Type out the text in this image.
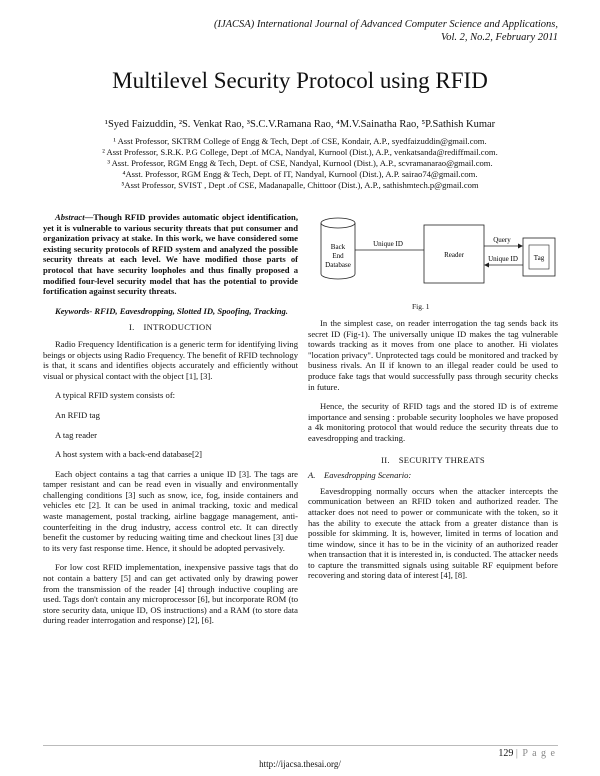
(IJACSA) International Journal of Advanced Computer Science and Applications,
Vol. 2, No.2, February 2011
Multilevel Security Protocol using RFID
¹Syed Faizuddin, ²S. Venkat Rao, ³S.C.V.Ramana Rao, ⁴M.V.Sainatha Rao, ⁵P.Sathish Kumar
¹ Asst Professor, SKTRM College of Engg & Tech, Dept .of CSE, Kondair, A.P., syedfaizuddin@gmail.com.
² Asst Professor, S.R.K. P.G College, Dept .of MCA, Nandyal, Kurnool (Dist.), A.P., venkatsanda@rediffmail.com.
³ Asst. Professor, RGM Engg & Tech, Dept. of CSE, Nandyal, Kurnool (Dist.), A.P., scvramanarao@gmail.com.
⁴Asst. Professor, RGM Engg & Tech, Dept. of IT, Nandyal, Kurnool (Dist.), A.P. sairao74@gmail.com.
⁵Asst Professor, SVIST , Dept .of CSE, Madanapalle, Chittoor (Dist.), A.P., sathishmtech.p@gmail.com

Abstract—Though RFID provides automatic object identification, yet it is vulnerable to various security threats that put consumer and organization privacy at stake. In this work, we have considered some existing security protocols of RFID system and analyzed the possible security threats at each level. We have modified those parts of protocol that have security loopholes and thus finally proposed a modified four-level security model that has the potential to provide fortification against security threats.

Keywords- RFID, Eavesdropping, Slotted ID, Spoofing, Tracking.

I. INTRODUCTION

Radio Frequency Identification is a generic term for identifying living beings or objects using Radio Frequency. The benefit of RFID technology is that, it scans and identifies objects accurately and efficiently without visual or physical contact with the object [1], [3].

A typical RFID system consists of:

An RFID tag

A tag reader

A host system with a back-end database[2]

Each object contains a tag that carries a unique ID [3]. The tags are tamper resistant and can be read even in visually and environmentally challenging conditions [3] such as snow, ice, fog, inside containers and vehicles etc [2]. It can be used in animal tracking, toxic and medical waste management, postal tracking, airline baggage management, anti-counterfeiting in the drug industry, access control etc. It can directly benefit the customer by reducing waiting time and checkout lines [3] due to its very fast response time. Hence, it should be adopted pervasively.

For low cost RFID implementation, inexpensive passive tags that do not contain a battery [5] and can get activated only by drawing power from the transmission of the reader [4] through inductive coupling are used. Tags don't contain any microprocessor [6], but incorporate ROM (to store security data, unique ID, OS instructions) and a RAM (to store data during reader interrogation and response) [2], [6].

Back
End
Database
Unique ID
Reader
Query
Unique ID Tag
Fig. 1

In the simplest case, on reader interrogation the tag sends back its secret ID (Fig-1). The universally unique ID makes the tag vulnerable towards tracking as it moves from one place to another. Hi violates "location privacy". Unprotected tags could be monitored and tracked by business rivals. An II if known to an illegal reader could be used to produce fake tags that would successfully pass through security checks in future.

Hence, the security of RFID tags and the stored ID is of extreme importance and sensing : probable security loopholes we have proposed a 4k monitoring protocol that would reduce the security threats due to eavesdropping and tracking.

II. SECURITY THREATS

A. Eavesdropping Scenario:

Eavesdropping normally occurs when the attacker intercepts the communication between an RFID token and authorized reader. The attacker does not need to power or communicate with the token, so it has the ability to execute the attack from a greater distance than is possible for skimming. It is, however, limited in terms of location and time window, since it has to be in the vicinity of an authorized reader when transaction that it is interested in, is conducted. The attacker needs to capture the transmitted signals using suitable RF equipment before recovering and storing data of interest [4], [8].

129 | P a g e
http://ijacsa.thesai.org/
